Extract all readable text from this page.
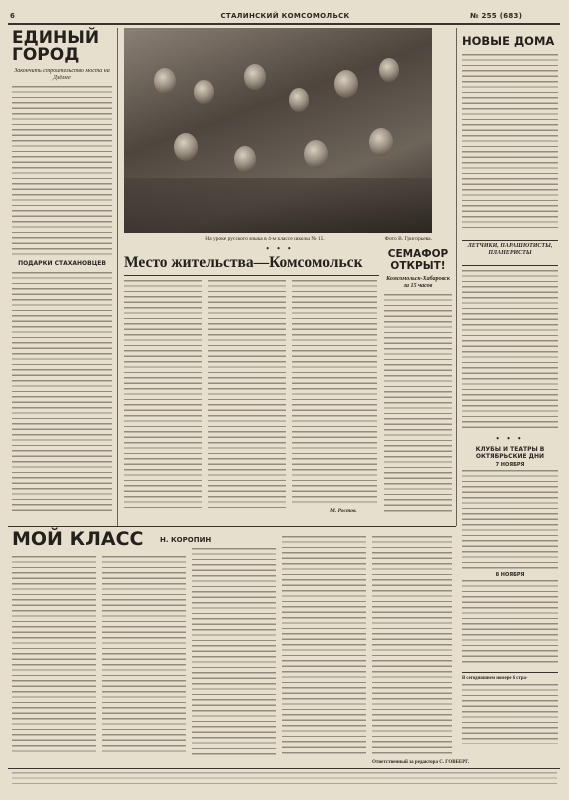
6	СТАЛИНСКИЙ КОМСОМОЛЬСК	№ 255 (683)
ЕДИНЫЙ ГОРОД
Закончить строительство моста на Дзёмге
ПОДАРКИ СТАХАНОВЦЕВ
На уроке русского языка в 4-м классе школы № 15.	Фото В. Григорьева.
• • •
Место жительства—Комсомольск
М. Ростов.
СЕМАФОР ОТКРЫТ!
Комсомольск-Хабаровск за 15 часов
НОВЫЕ ДОМА
ЛЕТЧИКИ, ПАРАШЮТИСТЫ, ПЛАНЕРИСТЫ
• • •
КЛУБЫ И ТЕАТРЫ В ОКТЯБРЬСКИЕ ДНИ
7 НОЯБРЯ
8 НОЯБРЯ
В сегодняшнем номере 6 стра-
МОЙ КЛАСС	Н. КОРОПИН
Ответственный за редактора С. ГОВБЕРГ.
